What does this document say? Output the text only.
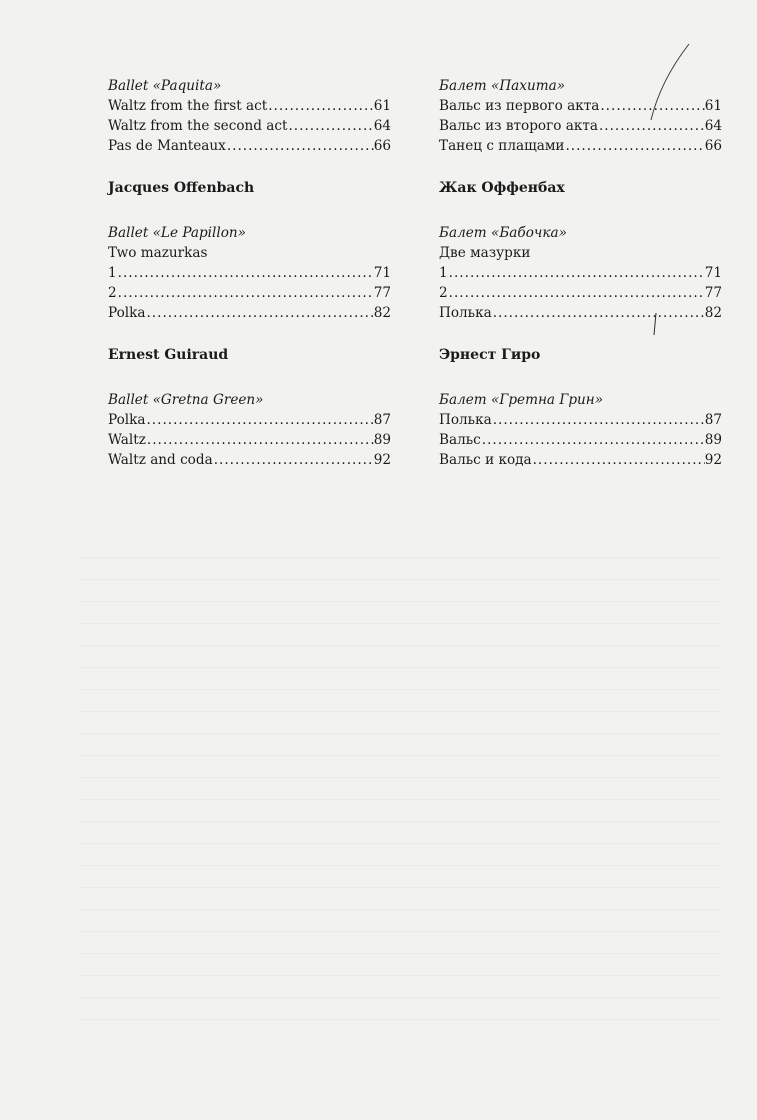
Ballet «Paquita»
Waltz from the first act .....	61
Waltz from the second act .....	64
Pas de Manteaux .....	66
Jacques Offenbach
Ballet «Le Papillon»
Two mazurkas
1 .....	71
2 .....	77
Polka .....	82
Ernest Guiraud
Ballet «Gretna Green»
Polka .....	87
Waltz .....	89
Waltz and coda .....	92
Балет «Пахита»
Вальс из первого акта .....	61
Вальс из второго акта .....	64
Танец с плащами .....	66
Жак Оффенбах
Балет «Бабочка»
Две мазурки
1 .....	71
2 .....	77
Полька .....	82
Эрнест Гиро
Балет «Гретна Грин»
Полька .....	87
Вальс .....	89
Вальс и кода .....	92
